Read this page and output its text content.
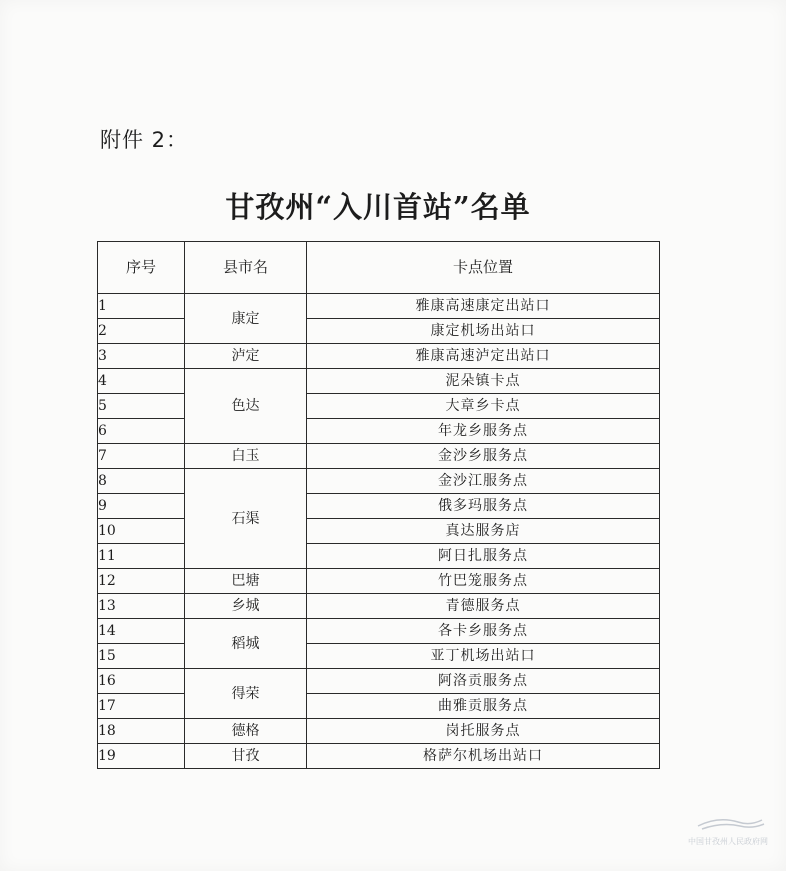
附件 2：
甘孜州“入川首站”名单
序号	县市名	卡点位置
1	康定	雅康高速康定出站口
2		康定机场出站口
3	泸定	雅康高速泸定出站口
4	色达	泥朵镇卡点
5		大章乡卡点
6		年龙乡服务点
7	白玉	金沙乡服务点
8	石渠	金沙江服务点
9		俄多玛服务点
10		真达服务店
11		阿日扎服务点
12	巴塘	竹巴笼服务点
13	乡城	青德服务点
14	稻城	各卡乡服务点
15		亚丁机场出站口
16	得荣	阿洛贡服务点
17		曲雅贡服务点
18	德格	岗托服务点
19	甘孜	格萨尔机场出站口
中国甘孜州人民政府网
